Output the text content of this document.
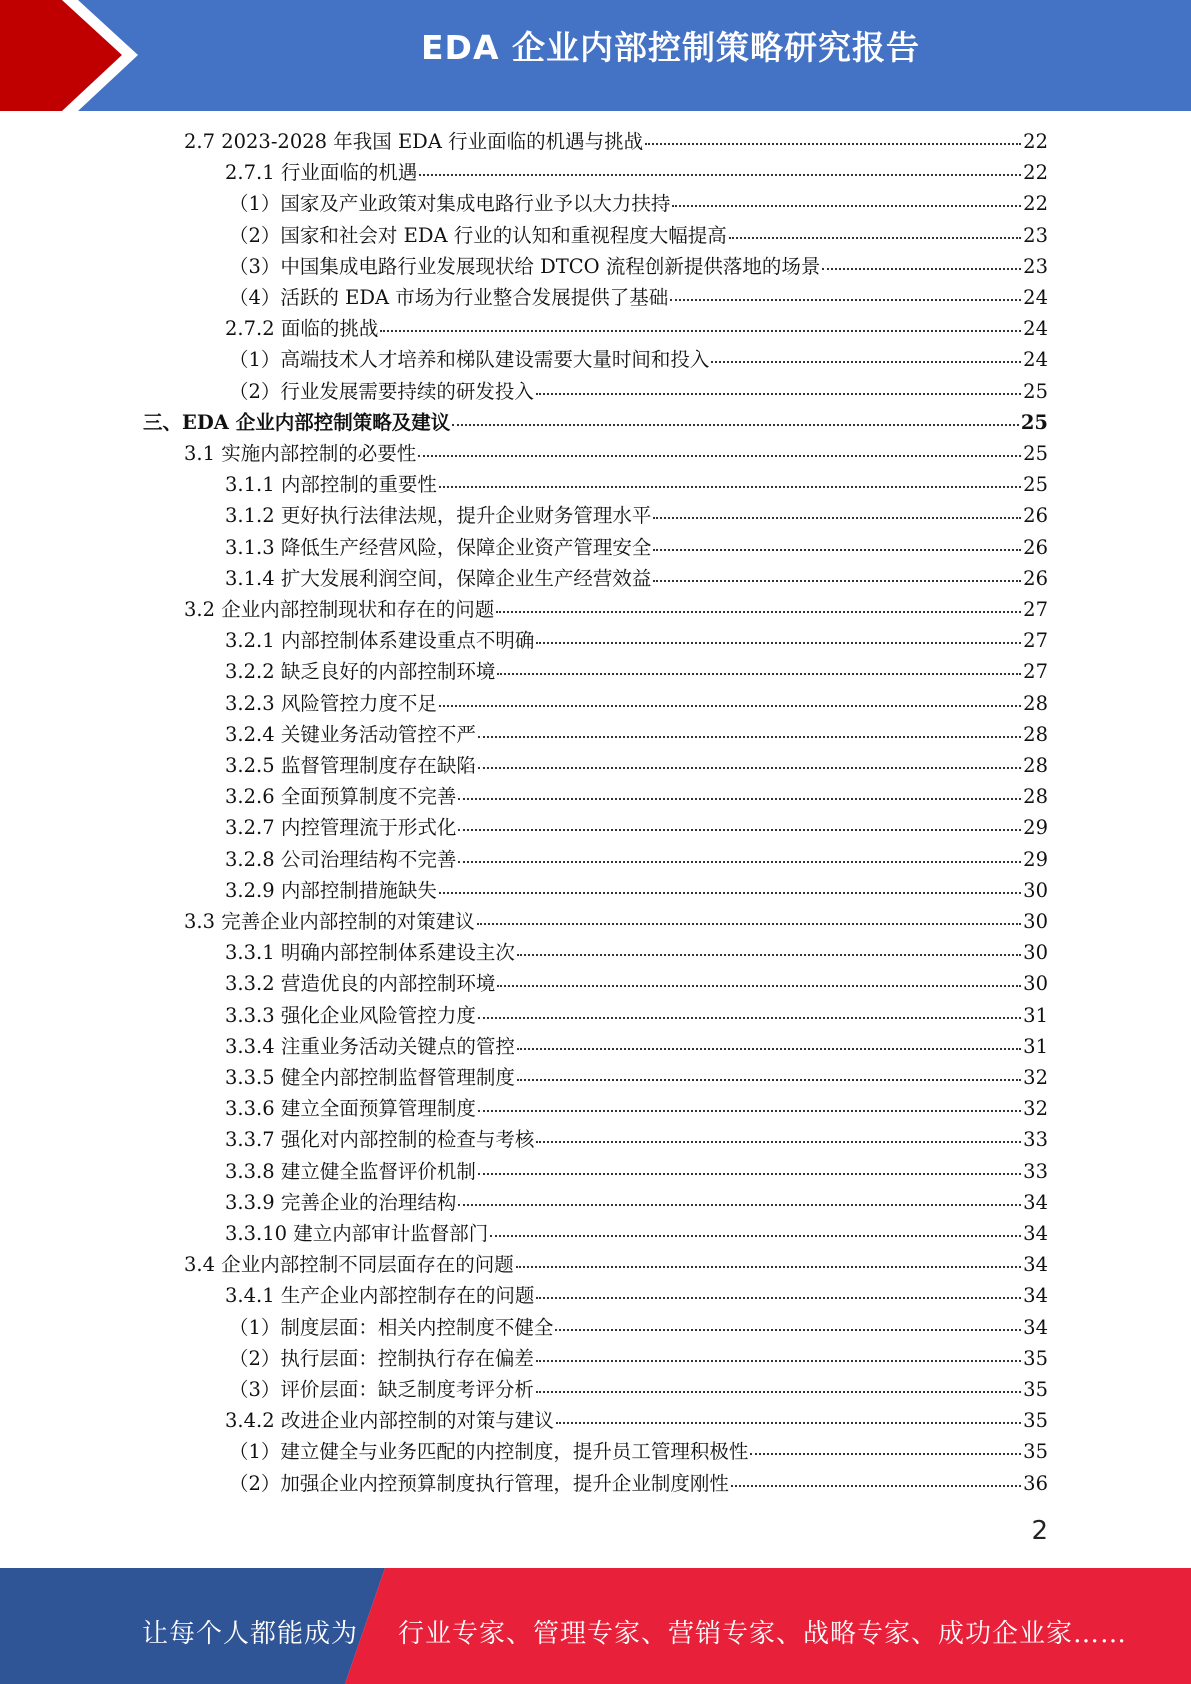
EDA 企业内部控制策略研究报告
2.7 2023-2028 年我国 EDA 行业面临的机遇与挑战	22
2.7.1 行业面临的机遇	22
（1）国家及产业政策对集成电路行业予以大力扶持	22
（2）国家和社会对 EDA 行业的认知和重视程度大幅提高	23
（3）中国集成电路行业发展现状给 DTCO 流程创新提供落地的场景	23
（4）活跃的 EDA 市场为行业整合发展提供了基础	24
2.7.2 面临的挑战	24
（1）高端技术人才培养和梯队建设需要大量时间和投入	24
（2）行业发展需要持续的研发投入	25
三、EDA 企业内部控制策略及建议	25
3.1 实施内部控制的必要性	25
3.1.1 内部控制的重要性	25
3.1.2 更好执行法律法规，提升企业财务管理水平	26
3.1.3 降低生产经营风险，保障企业资产管理安全	26
3.1.4 扩大发展利润空间，保障企业生产经营效益	26
3.2 企业内部控制现状和存在的问题	27
3.2.1 内部控制体系建设重点不明确	27
3.2.2 缺乏良好的内部控制环境	27
3.2.3 风险管控力度不足	28
3.2.4 关键业务活动管控不严	28
3.2.5 监督管理制度存在缺陷	28
3.2.6 全面预算制度不完善	28
3.2.7 内控管理流于形式化	29
3.2.8 公司治理结构不完善	29
3.2.9 内部控制措施缺失	30
3.3 完善企业内部控制的对策建议	30
3.3.1 明确内部控制体系建设主次	30
3.3.2 营造优良的内部控制环境	30
3.3.3 强化企业风险管控力度	31
3.3.4 注重业务活动关键点的管控	31
3.3.5 健全内部控制监督管理制度	32
3.3.6 建立全面预算管理制度	32
3.3.7 强化对内部控制的检查与考核	33
3.3.8 建立健全监督评价机制	33
3.3.9 完善企业的治理结构	34
3.3.10 建立内部审计监督部门	34
3.4 企业内部控制不同层面存在的问题	34
3.4.1 生产企业内部控制存在的问题	34
（1）制度层面：相关内控制度不健全	34
（2）执行层面：控制执行存在偏差	35
（3）评价层面：缺乏制度考评分析	35
3.4.2 改进企业内部控制的对策与建议	35
（1）建立健全与业务匹配的内控制度，提升员工管理积极性	35
（2）加强企业内控预算制度执行管理，提升企业制度刚性	36
2
让每个人都能成为 行业专家、管理专家、营销专家、战略专家、成功企业家……
